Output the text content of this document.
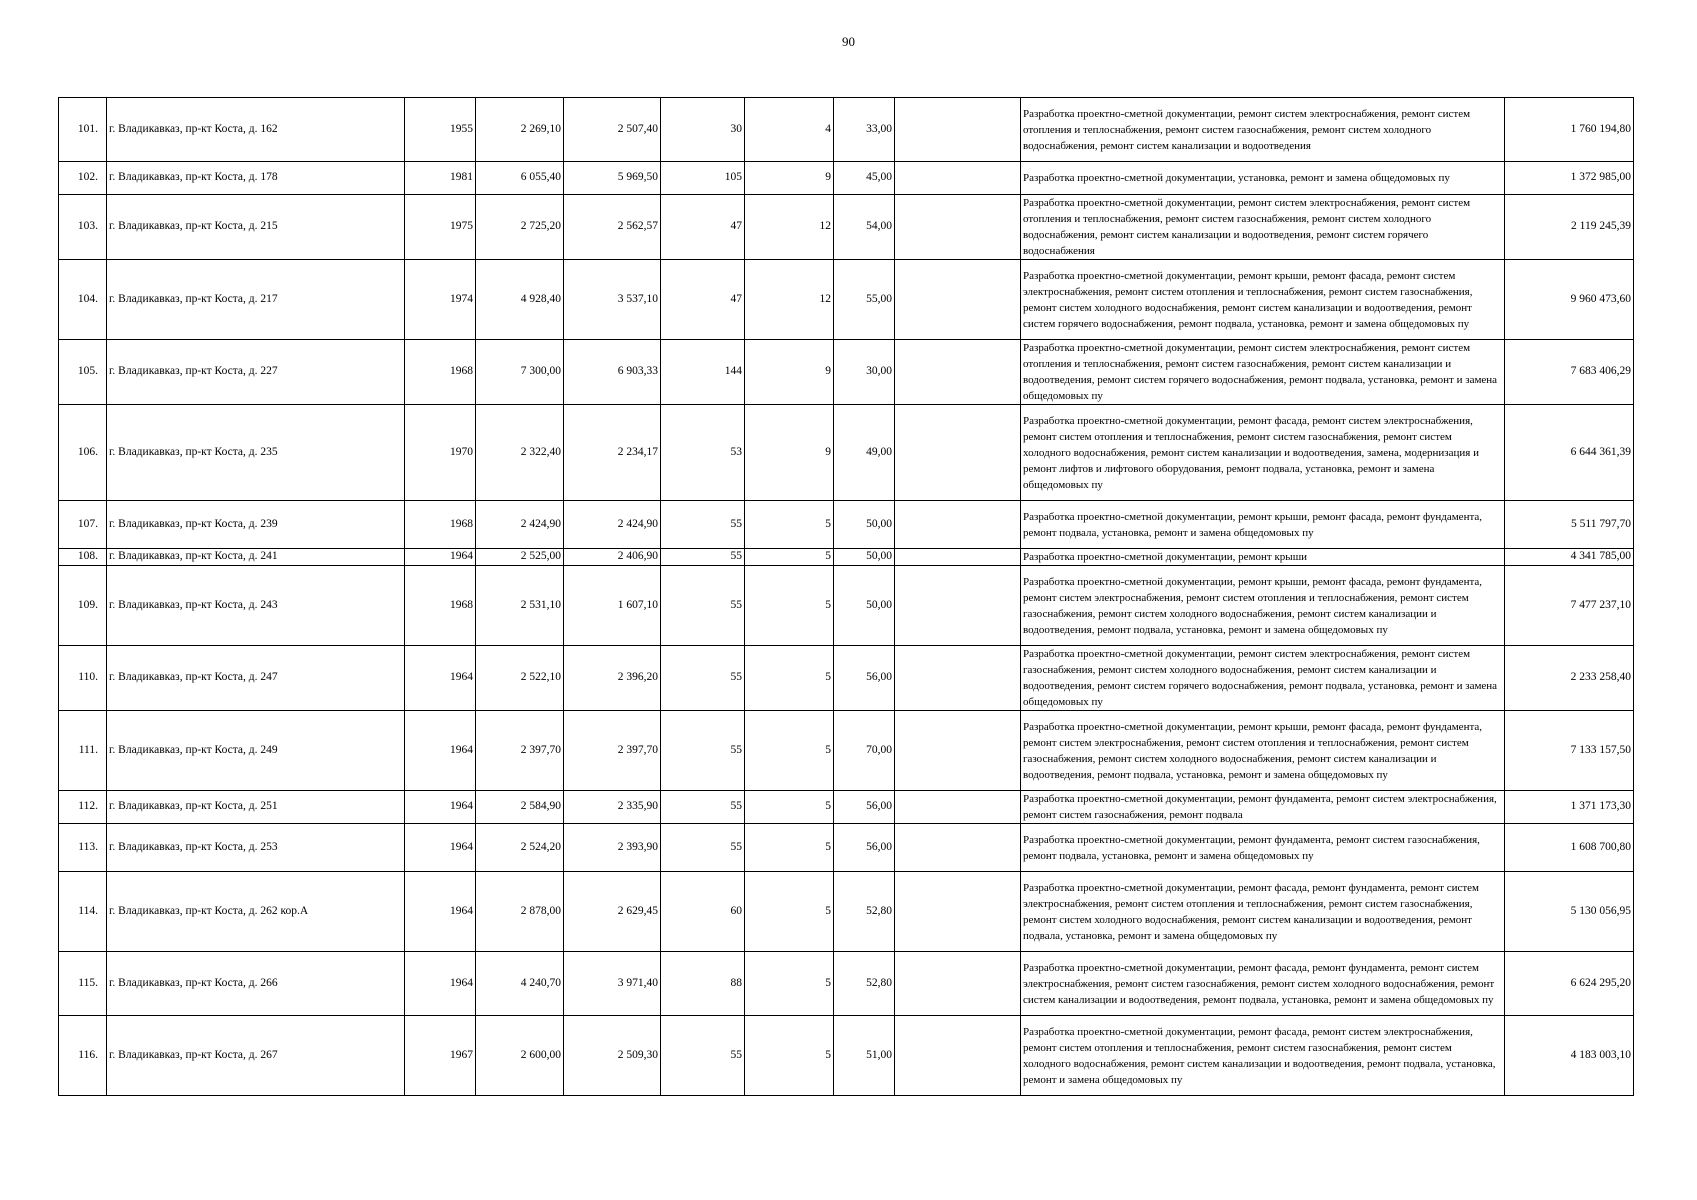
90
101.	г. Владикавказ, пр-кт Коста, д. 162	1955	2 269,10	2 507,40	30	4	33,00		Разработка проектно-сметной документации, ремонт систем электроснабжения, ремонт систем отопления и теплоснабжения, ремонт систем газоснабжения, ремонт систем холодного водоснабжения, ремонт систем канализации и водоотведения	1 760 194,80
102.	г. Владикавказ, пр-кт Коста, д. 178	1981	6 055,40	5 969,50	105	9	45,00		Разработка проектно-сметной документации, установка, ремонт и замена общедомовых пу	1 372 985,00
103.	г. Владикавказ, пр-кт Коста, д. 215	1975	2 725,20	2 562,57	47	12	54,00		Разработка проектно-сметной документации, ремонт систем электроснабжения, ремонт систем отопления и теплоснабжения, ремонт систем газоснабжения, ремонт систем холодного водоснабжения, ремонт систем канализации и водоотведения, ремонт систем горячего водоснабжения	2 119 245,39
104.	г. Владикавказ, пр-кт Коста, д. 217	1974	4 928,40	3 537,10	47	12	55,00		Разработка проектно-сметной документации, ремонт крыши, ремонт фасада, ремонт систем электроснабжения, ремонт систем отопления и теплоснабжения, ремонт систем газоснабжения, ремонт систем холодного водоснабжения, ремонт систем канализации и водоотведения, ремонт систем горячего водоснабжения, ремонт подвала, установка, ремонт и замена общедомовых пу	9 960 473,60
105.	г. Владикавказ, пр-кт Коста, д. 227	1968	7 300,00	6 903,33	144	9	30,00		Разработка проектно-сметной документации, ремонт систем электроснабжения, ремонт систем отопления и теплоснабжения, ремонт систем газоснабжения, ремонт систем канализации и водоотведения, ремонт систем горячего водоснабжения, ремонт подвала, установка, ремонт и замена общедомовых пу	7 683 406,29
106.	г. Владикавказ, пр-кт Коста, д. 235	1970	2 322,40	2 234,17	53	9	49,00		Разработка проектно-сметной документации, ремонт фасада, ремонт систем электроснабжения, ремонт систем отопления и теплоснабжения, ремонт систем газоснабжения, ремонт систем холодного водоснабжения, ремонт систем канализации и водоотведения, замена, модернизация и ремонт лифтов и лифтового оборудования, ремонт подвала, установка, ремонт и замена общедомовых пу	6 644 361,39
107.	г. Владикавказ, пр-кт Коста, д. 239	1968	2 424,90	2 424,90	55	5	50,00		Разработка проектно-сметной документации, ремонт крыши, ремонт фасада, ремонт фундамента, ремонт подвала, установка, ремонт и замена общедомовых пу	5 511 797,70
108.	г. Владикавказ, пр-кт Коста, д. 241	1964	2 525,00	2 406,90	55	5	50,00		Разработка проектно-сметной документации, ремонт крыши	4 341 785,00
109.	г. Владикавказ, пр-кт Коста, д. 243	1968	2 531,10	1 607,10	55	5	50,00		Разработка проектно-сметной документации, ремонт крыши, ремонт фасада, ремонт фундамента, ремонт систем электроснабжения, ремонт систем отопления и теплоснабжения, ремонт систем газоснабжения, ремонт систем холодного водоснабжения, ремонт систем канализации и водоотведения, ремонт подвала, установка, ремонт и замена общедомовых пу	7 477 237,10
110.	г. Владикавказ, пр-кт Коста, д. 247	1964	2 522,10	2 396,20	55	5	56,00		Разработка проектно-сметной документации, ремонт систем электроснабжения, ремонт систем газоснабжения, ремонт систем холодного водоснабжения, ремонт систем канализации и водоотведения, ремонт систем горячего водоснабжения, ремонт подвала, установка, ремонт и замена общедомовых пу	2 233 258,40
111.	г. Владикавказ, пр-кт Коста, д. 249	1964	2 397,70	2 397,70	55	5	70,00		Разработка проектно-сметной документации, ремонт крыши, ремонт фасада, ремонт фундамента, ремонт систем электроснабжения, ремонт систем отопления и теплоснабжения, ремонт систем газоснабжения, ремонт систем холодного водоснабжения, ремонт систем канализации и водоотведения, ремонт подвала, установка, ремонт и замена общедомовых пу	7 133 157,50
112.	г. Владикавказ, пр-кт Коста, д. 251	1964	2 584,90	2 335,90	55	5	56,00		Разработка проектно-сметной документации, ремонт фундамента, ремонт систем электроснабжения, ремонт систем газоснабжения, ремонт подвала	1 371 173,30
113.	г. Владикавказ, пр-кт Коста, д. 253	1964	2 524,20	2 393,90	55	5	56,00		Разработка проектно-сметной документации, ремонт фундамента, ремонт систем газоснабжения, ремонт подвала, установка, ремонт и замена общедомовых пу	1 608 700,80
114.	г. Владикавказ, пр-кт Коста, д. 262 кор.А	1964	2 878,00	2 629,45	60	5	52,80		Разработка проектно-сметной документации, ремонт фасада, ремонт фундамента, ремонт систем электроснабжения, ремонт систем отопления и теплоснабжения, ремонт систем газоснабжения, ремонт систем холодного водоснабжения, ремонт систем канализации и водоотведения, ремонт подвала, установка, ремонт и замена общедомовых пу	5 130 056,95
115.	г. Владикавказ, пр-кт Коста, д. 266	1964	4 240,70	3 971,40	88	5	52,80		Разработка проектно-сметной документации, ремонт фасада, ремонт фундамента, ремонт систем электроснабжения, ремонт систем газоснабжения, ремонт систем холодного водоснабжения, ремонт систем канализации и водоотведения, ремонт подвала, установка, ремонт и замена общедомовых пу	6 624 295,20
116.	г. Владикавказ, пр-кт Коста, д. 267	1967	2 600,00	2 509,30	55	5	51,00		Разработка проектно-сметной документации, ремонт фасада, ремонт систем электроснабжения, ремонт систем отопления и теплоснабжения, ремонт систем газоснабжения, ремонт систем холодного водоснабжения, ремонт систем канализации и водоотведения, ремонт подвала, установка, ремонт и замена общедомовых пу	4 183 003,10
